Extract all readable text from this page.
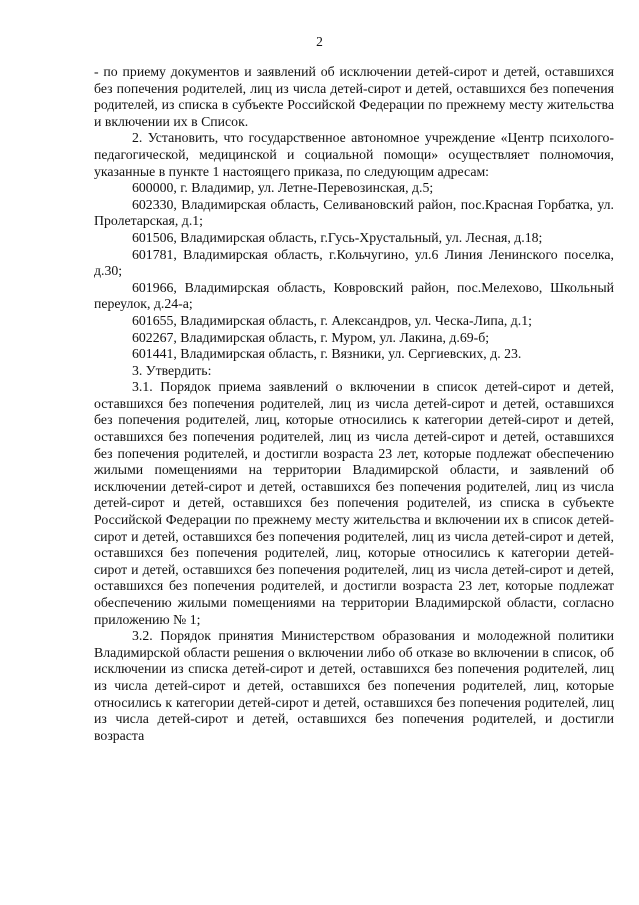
2

- по приему документов и заявлений об исключении детей-сирот и детей, оставшихся без попечения родителей, лиц из числа детей-сирот и детей, оставшихся без попечения родителей, из списка в субъекте Российской Федерации по прежнему месту жительства и включении их в Список.

2. Установить, что государственное автономное учреждение «Центр психолого-педагогической, медицинской и социальной помощи» осуществляет полномочия, указанные в пункте 1 настоящего приказа, по следующим адресам:

600000, г. Владимир, ул. Летне-Перевозинская, д.5;

602330, Владимирская область, Селивановский район, пос.Красная Горбатка, ул. Пролетарская, д.1;

601506, Владимирская область, г.Гусь-Хрустальный, ул. Лесная, д.18;

601781, Владимирская область, г.Кольчугино, ул.6 Линия Ленинского поселка, д.30;

601966, Владимирская область, Ковровский район, пос.Мелехово, Школьный переулок, д.24-а;

601655, Владимирская область, г. Александров, ул. Ческа-Липа, д.1;

602267, Владимирская область, г. Муром, ул. Лакина, д.69-б;

601441, Владимирская область, г. Вязники, ул. Сергиевских, д. 23.

3. Утвердить:

3.1. Порядок приема заявлений о включении в список детей-сирот и детей, оставшихся без попечения родителей, лиц из числа детей-сирот и детей, оставшихся без попечения родителей, лиц, которые относились к категории детей-сирот и детей, оставшихся без попечения родителей, лиц из числа детей-сирот и детей, оставшихся без попечения родителей, и достигли возраста 23 лет, которые подлежат обеспечению жилыми помещениями на территории Владимирской области, и заявлений об исключении детей-сирот и детей, оставшихся без попечения родителей, лиц из числа детей-сирот и детей, оставшихся без попечения родителей, из списка в субъекте Российской Федерации по прежнему месту жительства и включении их в список детей-сирот и детей, оставшихся без попечения родителей, лиц из числа детей-сирот и детей, оставшихся без попечения родителей, лиц, которые относились к категории детей-сирот и детей, оставшихся без попечения родителей, лиц из числа детей-сирот и детей, оставшихся без попечения родителей, и достигли возраста 23 лет, которые подлежат обеспечению жилыми помещениями на территории Владимирской области, согласно приложению № 1;

3.2. Порядок принятия Министерством образования и молодежной политики Владимирской области решения о включении либо об отказе во включении в список, об исключении из списка детей-сирот и детей, оставшихся без попечения родителей, лиц из числа детей-сирот и детей, оставшихся без попечения родителей, лиц, которые относились к категории детей-сирот и детей, оставшихся без попечения родителей, лиц из числа детей-сирот и детей, оставшихся без попечения родителей, и достигли возраста
